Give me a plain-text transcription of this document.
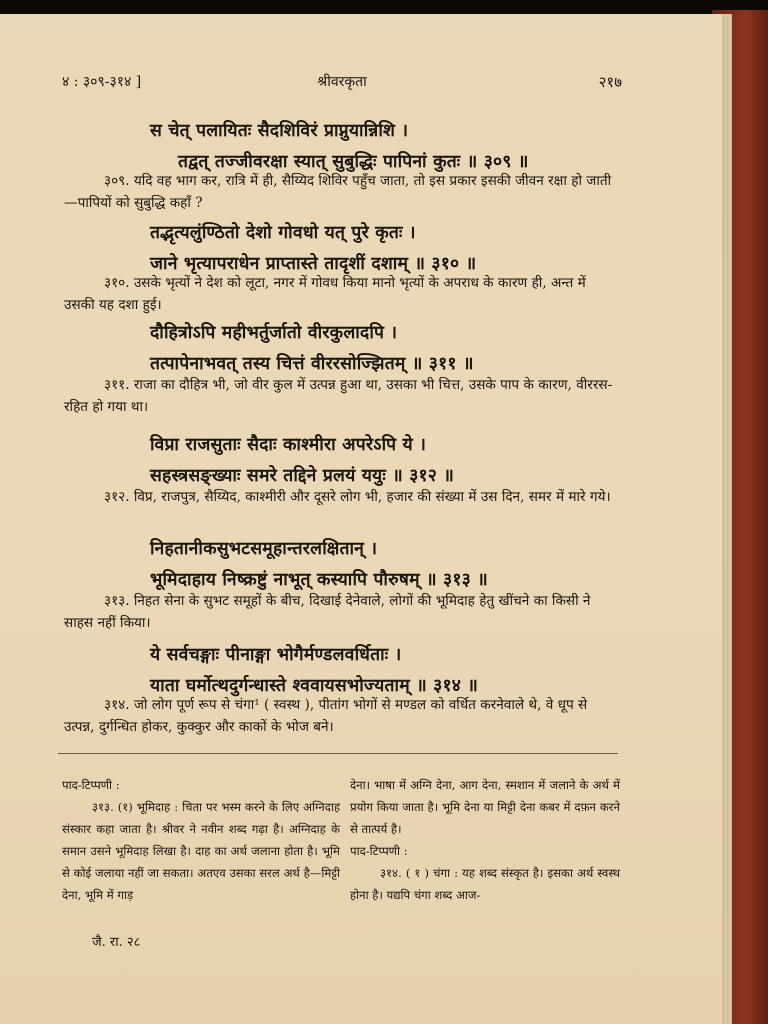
४ : ३०९-३१४ ]	श्रीवरकृता	२१७
स चेत् पलायितः सैदशिविरं प्राप्नुयान्निशि ।
तद्वत् तज्जीवरक्षा स्यात् सुबुद्धिः पापिनां कुतः ॥ ३०९ ॥
३०९. यदि वह भाग कर, रात्रि में ही, सैय्यिद शिविर पहुँच जाता, तो इस प्रकार इसकी जीवन रक्षा हो जाती—पापियों को सुबुद्धि कहाँ ?
तद्भृत्यलुंण्ठितो देशो गोवधो यत् पुरे कृतः ।
जाने भृत्यापराधेन प्राप्तास्ते तादृशीं दशाम् ॥ ३१० ॥
३१०. उसके भृत्यों ने देश को लूटा, नगर में गोवध किया मानो भृत्यों के अपराध के कारण ही, अन्त में उसकी यह दशा हुई।
दौहित्रोऽपि महीभर्तुर्जातो वीरकुलादपि ।
तत्पापेनाभवत् तस्य चित्तं वीररसोज्झितम् ॥ ३११ ॥
३११. राजा का दौहित्र भी, जो वीर कुल में उत्पन्न हुआ था, उसका भी चित्त, उसके पाप के कारण, वीररस-रहित हो गया था।
विप्रा राजसुताः सैदाः काश्मीरा अपरेऽपि ये ।
सहस्त्रसङ्ख्याः समरे तद्दिने प्रलयं ययुः ॥ ३१२ ॥
३१२. विप्र, राजपुत्र, सैय्यिद, काश्मीरी और दूसरे लोग भी, हजार की संख्या में उस दिन, समर में मारे गये।
निहतानीकसुभटसमूहान्तरलक्षितान् ।
भूमिदाहाय निष्क्रष्टुं नाभूत् कस्यापि पौरुषम् ॥ ३१३ ॥
३१३. निहत सेना के सुभट समूहों के बीच, दिखाई देनेवाले, लोगों की भूमिदाह हेतु खींचने का किसी ने साहस नहीं किया।
ये सर्वचङ्गाः पीनाङ्गा भोगैर्मण्डलवर्धिताः ।
याता घर्मोत्थदुर्गन्धास्ते श्ववायसभोज्यताम् ॥ ३१४ ॥
३१४. जो लोग पूर्ण रूप से चंगा¹ ( स्वस्थ ), पीतांग भोगों से मण्डल को वर्धित करनेवाले थे, वे धूप से उत्पन्न, दुर्गन्धित होकर, कुक्कुर और काकों के भोज बने।
पाद-टिप्पणी :
३१३. (१) भूमिदाह : चिता पर भस्म करने के लिए अग्निदाह संस्कार कहा जाता है। श्रीवर ने नवीन शब्द गढ़ा है। अग्निदाह के समान उसने भूमिदाह लिखा है। दाह का अर्थ जलाना होता है। भूमि से कोई जलाया नहीं जा सकता। अतएव उसका सरल अर्थ है—मिट्टी देना, भूमि में गाड़
देना। भाषा में अग्नि देना, आग देना, स्मशान में जलाने के अर्थ में प्रयोग किया जाता है। भूमि देना या मिट्टी देना कबर में दफ़न करने से तात्पर्य है।
पाद-टिप्पणी :
३१४. ( १ ) चंगा : यह शब्द संस्कृत है। इसका अर्थ स्वस्थ होना है। यद्यपि चंगा शब्द आज-
जै. रा. २८
